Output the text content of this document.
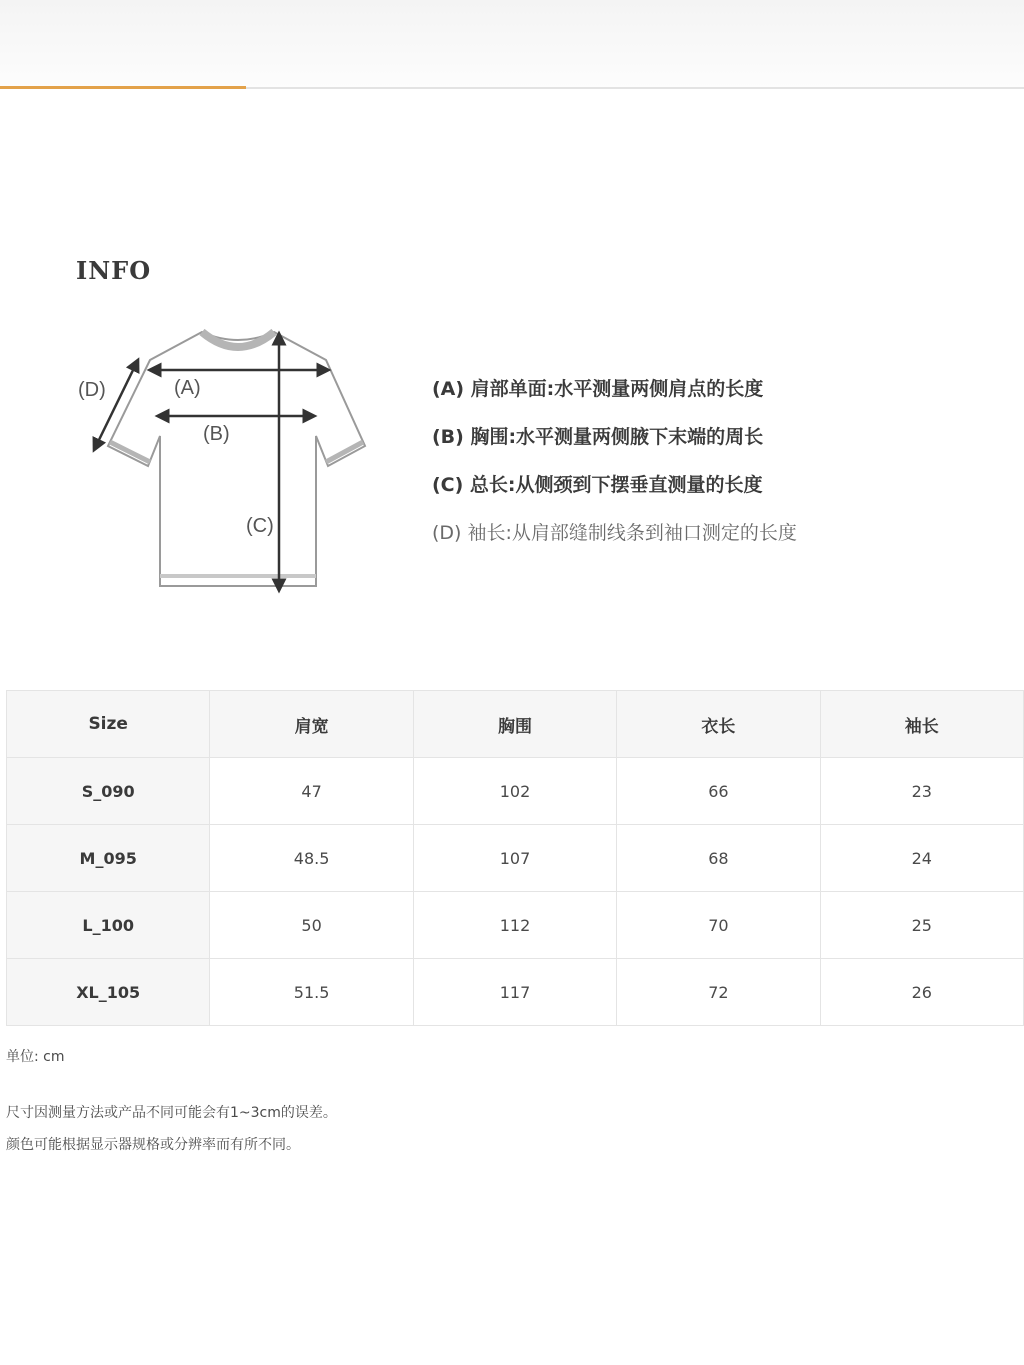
INFO
(A)
(B)
(C)
(D)	(A) 肩部单面:水平测量两侧肩点的长度
(B) 胸围:水平测量两侧腋下末端的周长
(C) 总长:从侧颈到下摆垂直测量的长度
(D) 袖长:从肩部缝制线条到袖口测定的长度
Size	肩宽	胸围	衣长	袖长
S_090	47	102	66	23
M_095	48.5	107	68	24
L_100	50	112	70	25
XL_105	51.5	117	72	26
单位: cm
尺寸因测量方法或产品不同可能会有1~3cm的误差。
颜色可能根据显示器规格或分辨率而有所不同。
